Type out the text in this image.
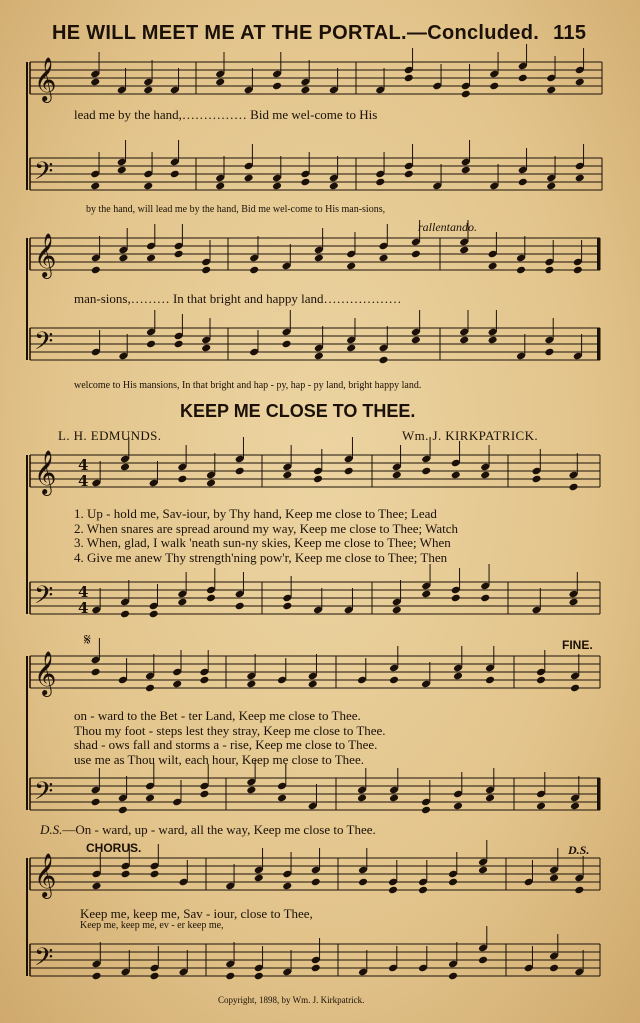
𝄞
𝄢
𝄞
𝄢
𝄞
𝄢
𝄞
𝄢
𝄞
𝄢
4
4
4
4
HE WILL MEET ME AT THE PORTAL.—Concluded. 115
lead me by the hand,…………… Bid me wel-come to His
by the hand, will lead me by the hand, Bid me wel-come to His man-sions,
rallentando.
man-sions,……… In that bright and happy land………………
welcome to His mansions, In that bright and hap - py, hap - py land, bright happy land.
KEEP ME CLOSE TO THEE.
L. H. EDMUNDS.	Wm. J. KIRKPATRICK.
1. Up - hold me, Sav-iour, by Thy hand, Keep me close to Thee; Lead
2. When snares are spread around my way, Keep me close to Thee; Watch
3. When, glad, I walk 'neath sun-ny skies, Keep me close to Thee; When
4. Give me anew Thy strength'ning pow'r, Keep me close to Thee; Then
𝄋	FINE.
on - ward to the Bet - ter Land, Keep me close to Thee.
Thou my foot - steps lest they stray, Keep me close to Thee.
shad - ows fall and storms a - rise, Keep me close to Thee.
use me as Thou wilt, each hour, Keep me close to Thee.
D.S.—On - ward, up - ward, all the way, Keep me close to Thee.
CHORUS.	D.S.
Keep me, keep me, Sav - iour, close to Thee,
Keep me, keep me, ev - er keep me,
Copyright, 1898, by Wm. J. Kirkpatrick.
